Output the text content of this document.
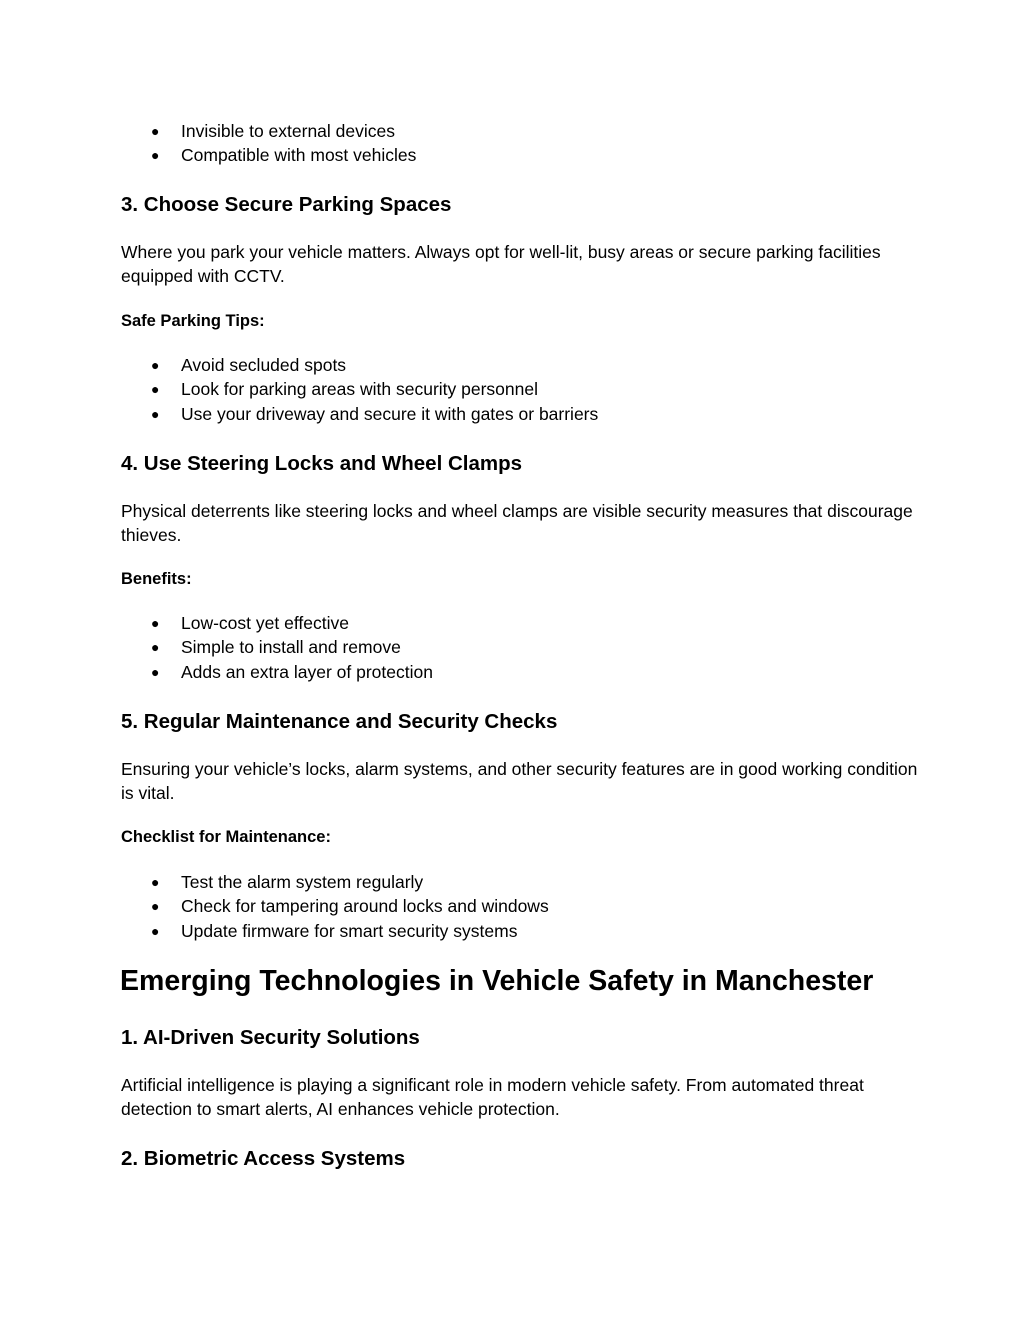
● Invisible to external devices
● Compatible with most vehicles
3. Choose Secure Parking Spaces

Where you park your vehicle matters. Always opt for well-lit, busy areas or secure parking facilities equipped with CCTV.

Safe Parking Tips:

● Avoid secluded spots
● Look for parking areas with security personnel
● Use your driveway and secure it with gates or barriers
4. Use Steering Locks and Wheel Clamps

Physical deterrents like steering locks and wheel clamps are visible security measures that discourage thieves.

Benefits:

● Low-cost yet effective
● Simple to install and remove
● Adds an extra layer of protection
5. Regular Maintenance and Security Checks

Ensuring your vehicle’s locks, alarm systems, and other security features are in good working condition is vital.

Checklist for Maintenance:

● Test the alarm system regularly
● Check for tampering around locks and windows
● Update firmware for smart security systems
Emerging Technologies in Vehicle Safety in Manchester
1. AI-Driven Security Solutions

Artificial intelligence is playing a significant role in modern vehicle safety. From automated threat detection to smart alerts, AI enhances vehicle protection.

2. Biometric Access Systems
